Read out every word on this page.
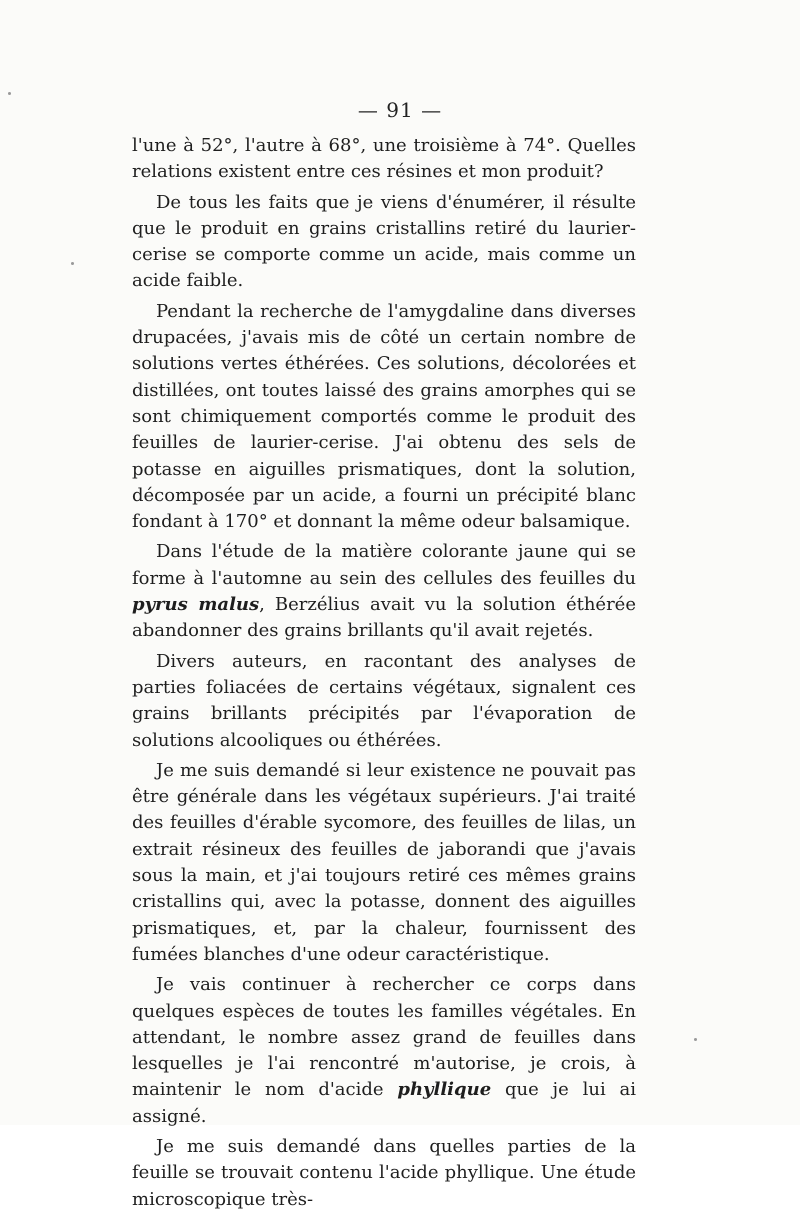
— 91 —

l'une à 52°, l'autre à 68°, une troisième à 74°. Quelles relations existent entre ces résines et mon produit?

De tous les faits que je viens d'énumérer, il résulte que le produit en grains cristallins retiré du laurier-cerise se comporte comme un acide, mais comme un acide faible.

Pendant la recherche de l'amygdaline dans diverses drupacées, j'avais mis de côté un certain nombre de solutions vertes éthérées. Ces solutions, décolorées et distillées, ont toutes laissé des grains amorphes qui se sont chimiquement comportés comme le produit des feuilles de laurier-cerise. J'ai obtenu des sels de potasse en aiguilles prismatiques, dont la solution, décomposée par un acide, a fourni un précipité blanc fondant à 170° et donnant la même odeur balsamique.

Dans l'étude de la matière colorante jaune qui se forme à l'automne au sein des cellules des feuilles du pyrus malus, Berzélius avait vu la solution éthérée abandonner des grains brillants qu'il avait rejetés.

Divers auteurs, en racontant des analyses de parties foliacées de certains végétaux, signalent ces grains brillants précipités par l'évaporation de solutions alcooliques ou éthérées.

Je me suis demandé si leur existence ne pouvait pas être générale dans les végétaux supérieurs. J'ai traité des feuilles d'érable sycomore, des feuilles de lilas, un extrait résineux des feuilles de jaborandi que j'avais sous la main, et j'ai toujours retiré ces mêmes grains cristallins qui, avec la potasse, donnent des aiguilles prismatiques, et, par la chaleur, fournissent des fumées blanches d'une odeur caractéristique.

Je vais continuer à rechercher ce corps dans quelques espèces de toutes les familles végétales. En attendant, le nombre assez grand de feuilles dans lesquelles je l'ai rencontré m'autorise, je crois, à maintenir le nom d'acide phyllique que je lui ai assigné.

Je me suis demandé dans quelles parties de la feuille se trouvait contenu l'acide phyllique. Une étude microscopique très-
